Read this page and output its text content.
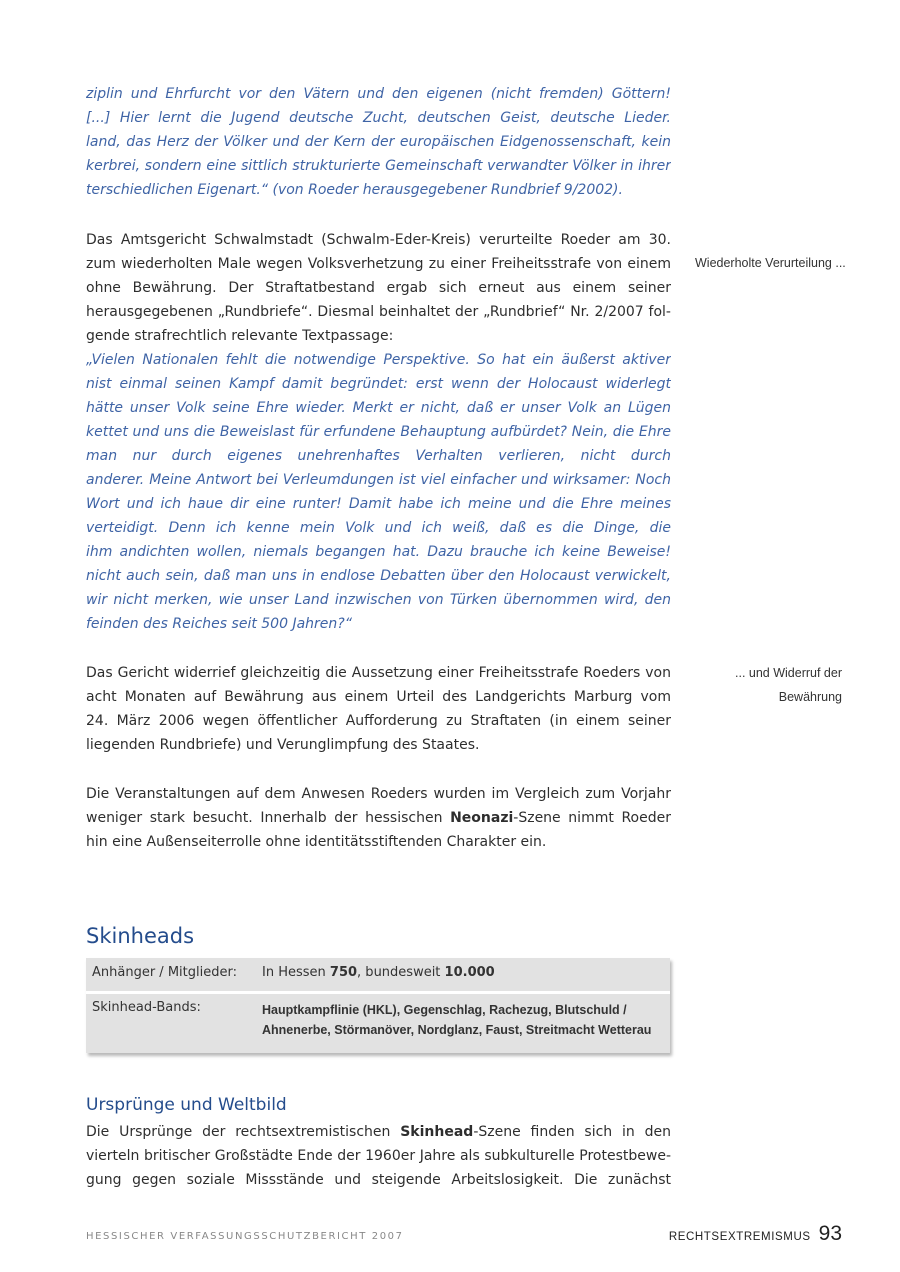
ziplin und Ehrfurcht vor den Vätern und den eigenen (nicht fremden) Göttern!
[...] Hier lernt die Jugend deutsche Zucht, deutschen Geist, deutsche Lieder.
land, das Herz der Völker und der Kern der europäischen Eidgenossenschaft, kein
kerbrei, sondern eine sittlich strukturierte Gemeinschaft verwandter Völker in ihrer
terschiedlichen Eigenart.“ (von Roeder herausgegebener Rundbrief 9/2002).
Das Amtsgericht Schwalmstadt (Schwalm-Eder-Kreis) verurteilte Roeder am 30.
zum wiederholten Male wegen Volksverhetzung zu einer Freiheitsstrafe von einem
ohne Bewährung. Der Straftatbestand ergab sich erneut aus einem seiner
herausgegebenen „Rundbriefe“. Diesmal beinhaltet der „Rundbrief“ Nr. 2/2007 fol-
gende strafrechtlich relevante Textpassage:
„Vielen Nationalen fehlt die notwendige Perspektive. So hat ein äußerst aktiver
nist einmal seinen Kampf damit begründet: erst wenn der Holocaust widerlegt
hätte unser Volk seine Ehre wieder. Merkt er nicht, daß er unser Volk an Lügen
kettet und uns die Beweislast für erfundene Behauptung aufbürdet? Nein, die Ehre
man nur durch eigenes unehrenhaftes Verhalten verlieren, nicht durch
anderer. Meine Antwort bei Verleumdungen ist viel einfacher und wirksamer: Noch
Wort und ich haue dir eine runter! Damit habe ich meine und die Ehre meines
verteidigt. Denn ich kenne mein Volk und ich weiß, daß es die Dinge, die
ihm andichten wollen, niemals begangen hat. Dazu brauche ich keine Beweise!
nicht auch sein, daß man uns in endlose Debatten über den Holocaust verwickelt,
wir nicht merken, wie unser Land inzwischen von Türken übernommen wird, den
feinden des Reiches seit 500 Jahren?“
Das Gericht widerrief gleichzeitig die Aussetzung einer Freiheitsstrafe Roeders von
acht Monaten auf Bewährung aus einem Urteil des Landgerichts Marburg vom
24. März 2006 wegen öffentlicher Aufforderung zu Straftaten (in einem seiner
liegenden Rundbriefe) und Verunglimpfung des Staates.
Die Veranstaltungen auf dem Anwesen Roeders wurden im Vergleich zum Vorjahr
weniger stark besucht. Innerhalb der hessischen Neonazi-Szene nimmt Roeder
hin eine Außenseiterrolle ohne identitätsstiftenden Charakter ein.
Wiederholte Verurteilung ...
... und Widerruf der
Bewährung
Skinheads
Anhänger / Mitglieder: In Hessen 750, bundesweit 10.000
Skinhead-Bands:	Hauptkampflinie (HKL), Gegenschlag, Rachezug, Blutschuld /
Ahnenerbe, Störmanöver, Nordglanz, Faust, Streitmacht Wetterau
Ursprünge und Weltbild
Die Ursprünge der rechtsextremistischen Skinhead-Szene finden sich in den
vierteln britischer Großstädte Ende der 1960er Jahre als subkulturelle Protestbewe-
gung gegen soziale Missstände und steigende Arbeitslosigkeit. Die zunächst
HESSISCHER VERFASSUNGSSCHUTZBERICHT 2007	RECHTSEXTREMISMUS 93
